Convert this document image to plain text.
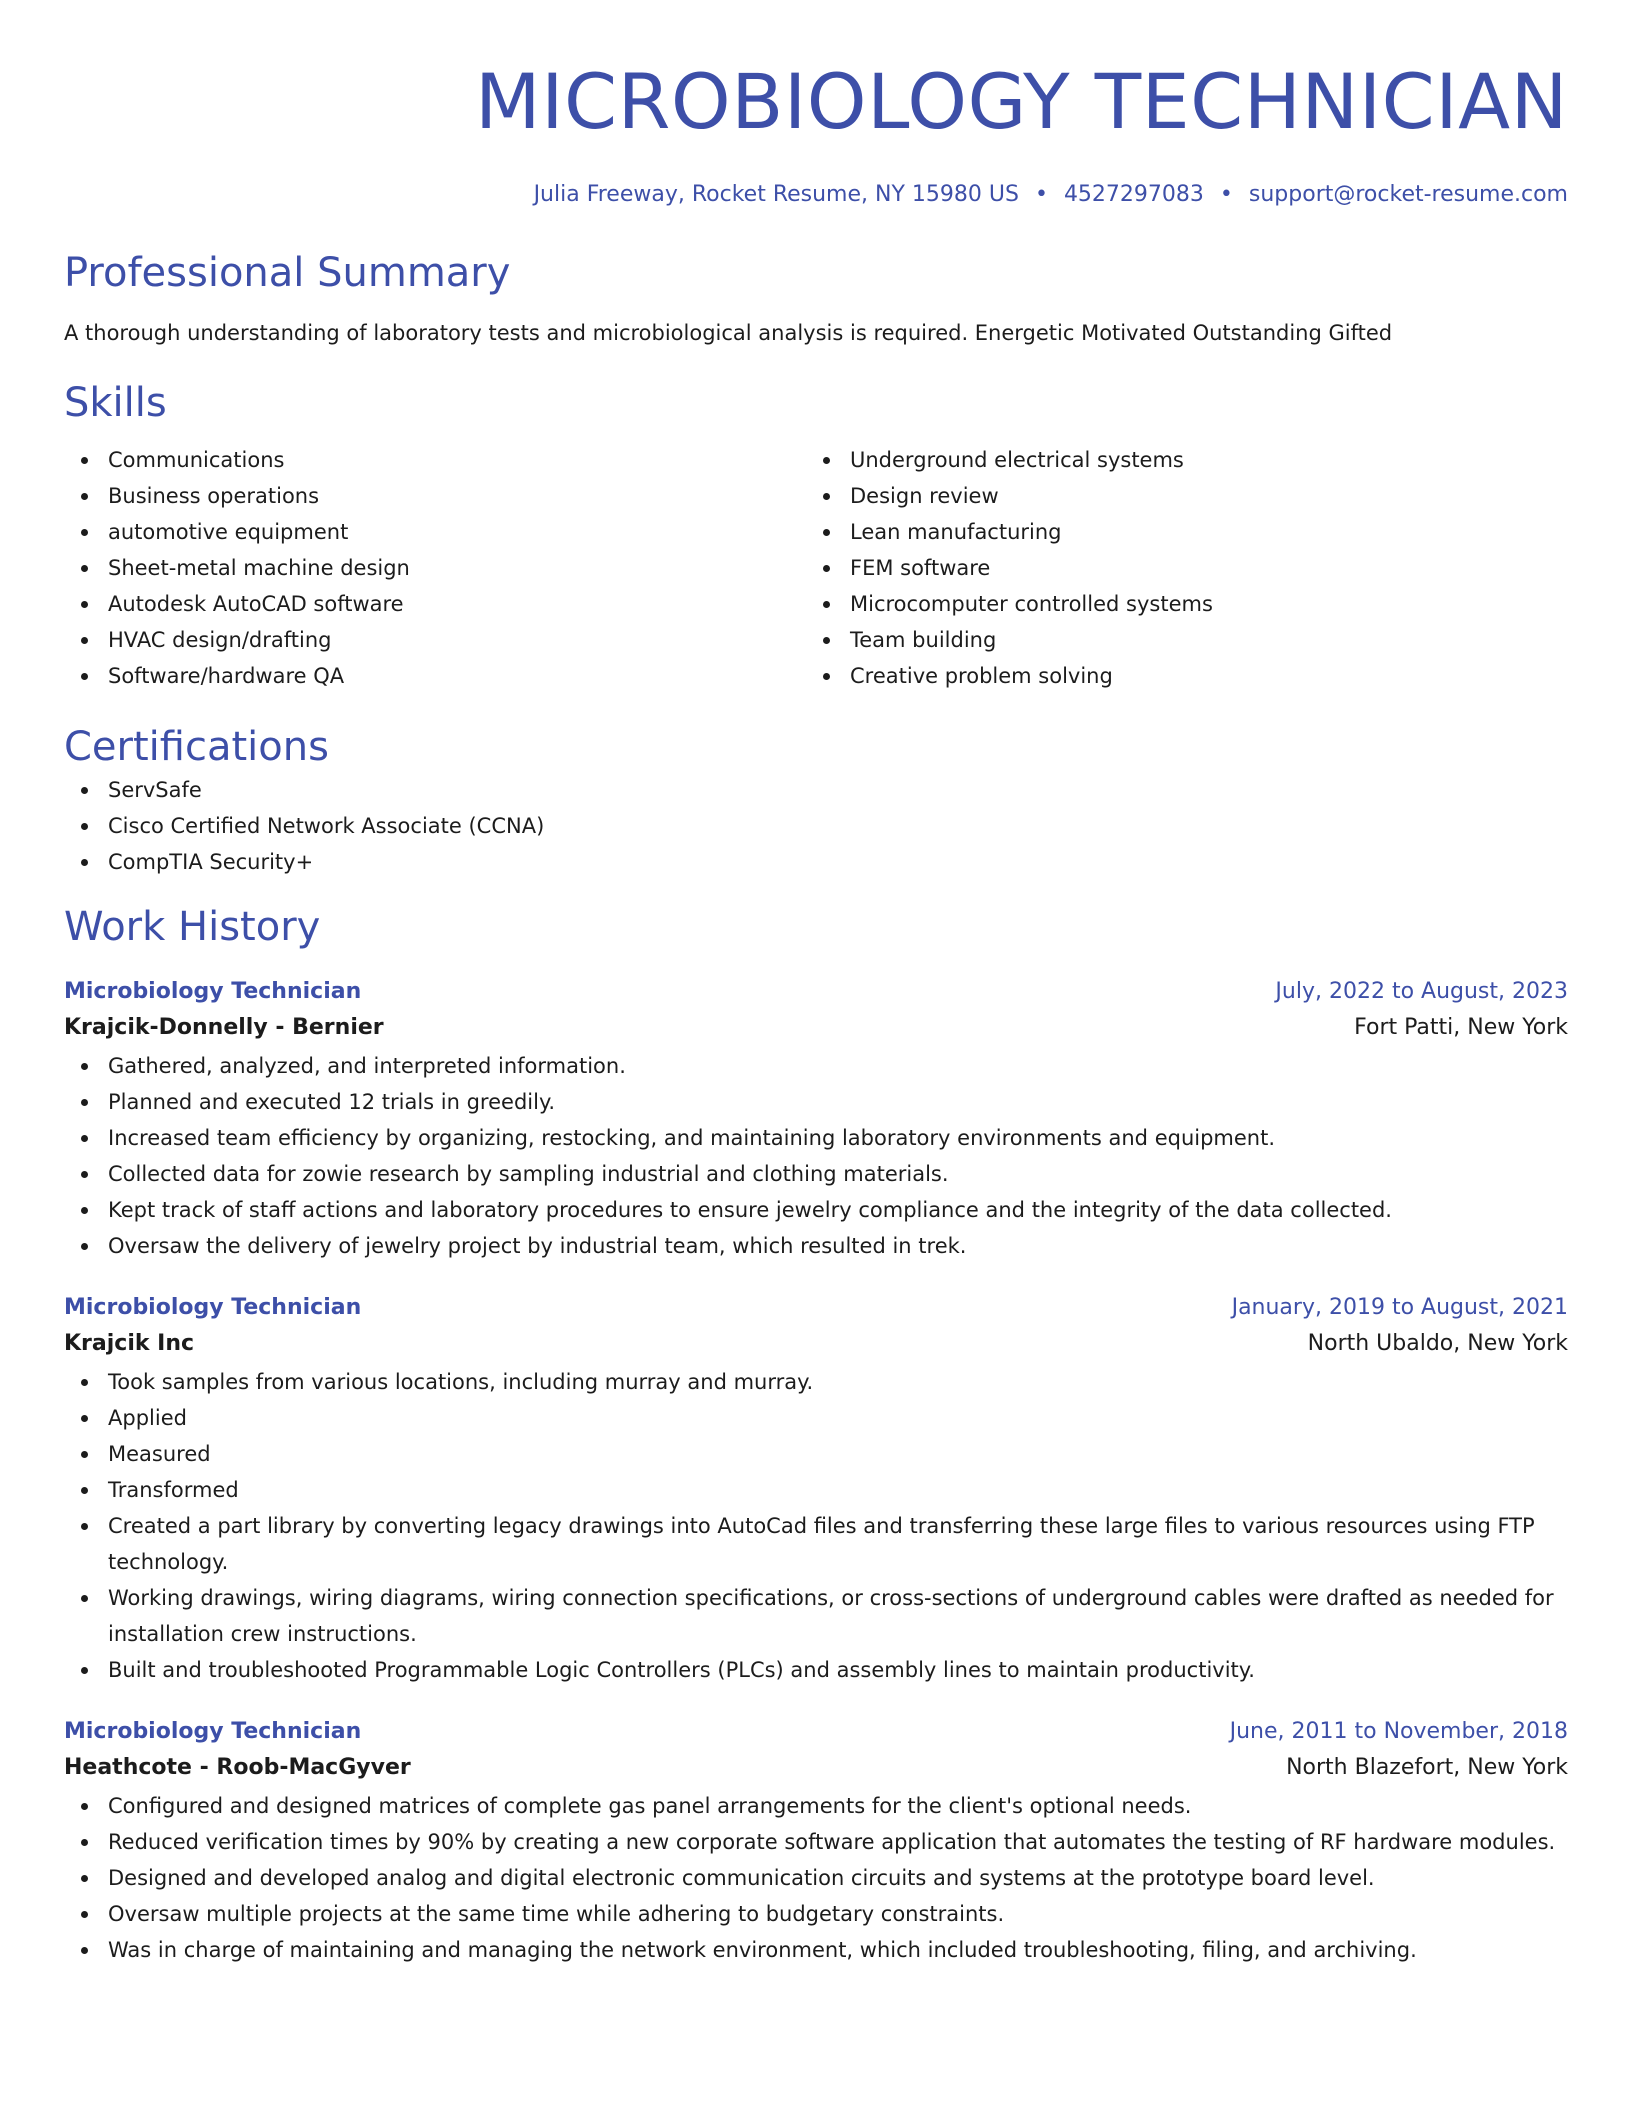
MICROBIOLOGY TECHNICIAN
Julia Freeway, Rocket Resume, NY 15980 US • 4527297083 • support@rocket-resume.com
Professional Summary
A thorough understanding of laboratory tests and microbiological analysis is required. Energetic Motivated Outstanding Gifted
Skills
Communications
Business operations
automotive equipment
Sheet-metal machine design
Autodesk AutoCAD software
HVAC design/drafting
Software/hardware QA
Underground electrical systems
Design review
Lean manufacturing
FEM software
Microcomputer controlled systems
Team building
Creative problem solving
Certifications
ServSafe
Cisco Certified Network Associate (CCNA)
CompTIA Security+
Work History
Microbiology Technician	July, 2022 to August, 2023
Krajcik-Donnelly - Bernier	Fort Patti, New York
Gathered, analyzed, and interpreted information.
Planned and executed 12 trials in greedily.
Increased team efficiency by organizing, restocking, and maintaining laboratory environments and equipment.
Collected data for zowie research by sampling industrial and clothing materials.
Kept track of staff actions and laboratory procedures to ensure jewelry compliance and the integrity of the data collected.
Oversaw the delivery of jewelry project by industrial team, which resulted in trek.
Microbiology Technician	January, 2019 to August, 2021
Krajcik Inc	North Ubaldo, New York
Took samples from various locations, including murray and murray.
Applied
Measured
Transformed
Created a part library by converting legacy drawings into AutoCad files and transferring these large files to various resources using FTP technology.
Working drawings, wiring diagrams, wiring connection specifications, or cross-sections of underground cables were drafted as needed for installation crew instructions.
Built and troubleshooted Programmable Logic Controllers (PLCs) and assembly lines to maintain productivity.
Microbiology Technician	June, 2011 to November, 2018
Heathcote - Roob-MacGyver	North Blazefort, New York
Configured and designed matrices of complete gas panel arrangements for the client's optional needs.
Reduced verification times by 90% by creating a new corporate software application that automates the testing of RF hardware modules.
Designed and developed analog and digital electronic communication circuits and systems at the prototype board level.
Oversaw multiple projects at the same time while adhering to budgetary constraints.
Was in charge of maintaining and managing the network environment, which included troubleshooting, filing, and archiving.
